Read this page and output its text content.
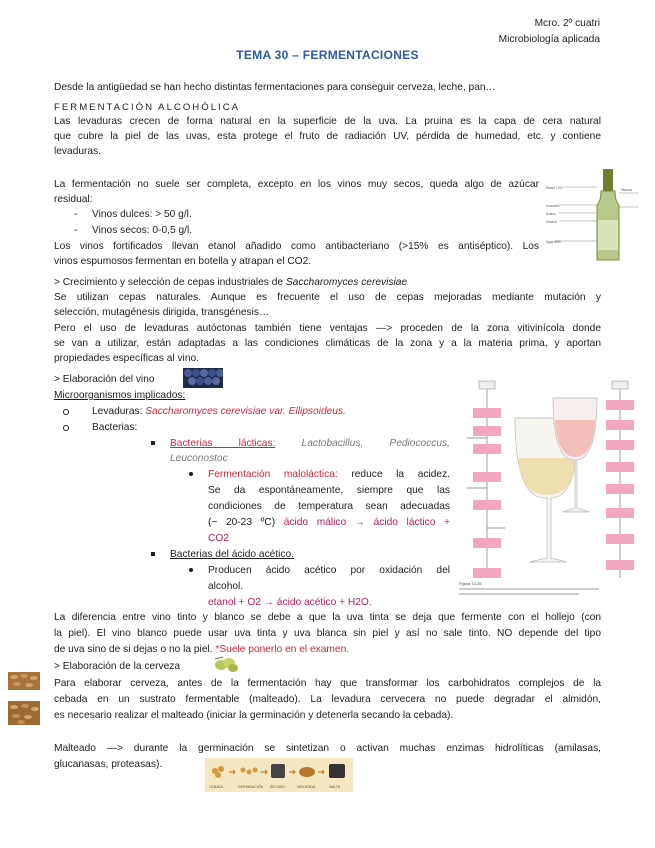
Mcro. 2º cuatri
Microbiología aplicada
TEMA 30 – FERMENTACIONES
Desde la antigüedad se han hecho distintas fermentaciones para conseguir cerveza, leche, pan…
FERMENTACIÓN ALCOHÓLICA
Las levaduras crecen de forma natural en la superficie de la uva. La pruina es la capa de cera natural
que cubre la piel de las uvas, esta protege el fruto de radiación UV, pérdida de humedad, etc. y contiene
levaduras.
La fermentación no suele ser completa, excepto en los vinos muy secos, queda algo de azúcar
residual:
- Vinos dulces: > 50 g/l.
- Vinos secos: 0-0,5 g/l.
Los vinos fortificados llevan etanol añadido como antibacteriano (>15% es antiséptico). Los
vinos espumosos fermentan en botella y atrapan el CO2.
Etanol 12%
Azúcares
Ácidos
Glicerol
Taninos
Agua 85%
> Crecimiento y selección de cepas industriales de Saccharomyces cerevisiae
Se utilizan cepas naturales. Aunque es frecuente el uso de cepas mejoradas mediante mutación y
selección, mutagénesis dirigida, transgénesis…
Pero el uso de levaduras autóctonas también tiene ventajas —> proceden de la zona vitivinícola donde
se van a utilizar, están adaptadas a las condiciones climáticas de la zona y a la materia prima, y aportan
propiedades específicas al vino.
> Elaboración del vino
Microorganismos implicados:
Levaduras: Saccharomyces cerevisiae var. Ellipsoideus.
Bacterias:
Bacterias lácticas:	Lactobacillus, Pediococcus,
Leuconostoc
Fermentación maloláctica: reduce la acidez.
Se da espontáneamente, siempre que las
condiciones de temperatura sean adecuadas
(~ 20-23 ºC) ácido málico → ácido láctico +
CO2
Bacterias del ácido acético.
Producen ácido acético por oxidación del
alcohol.
etanol + O2 → ácido acético + H2O.
Figura 13.26
La diferencia entre vino tinto y blanco se debe a que la uva tinta se deja que fermente con el hollejo (con
la piel). El vino blanco puede usar uva tinta y uva blanca sin piel y así no sale tinto. NO depende del tipo
de uva sino de si dejas o no la piel. *Suele ponerlo en el examen.
> Elaboración de la cerveza
Para elaborar cerveza, antes de la fermentación hay que transformar los carbohidratos complejos de la
cebada en un sustrato fermentable (malteado). La levadura cervecera no puede degradar el almidón,
es necesario realizar el malteado (iniciar la germinación y detenerla secando la cebada).
Malteado —> durante la germinación se sintetizan o activan muchas enzimas hidrolíticas (amilasas,
glucanasas, proteasas).
CEBADA	GERMINACIÓN SECADO	MOLIENDA	MALTA
